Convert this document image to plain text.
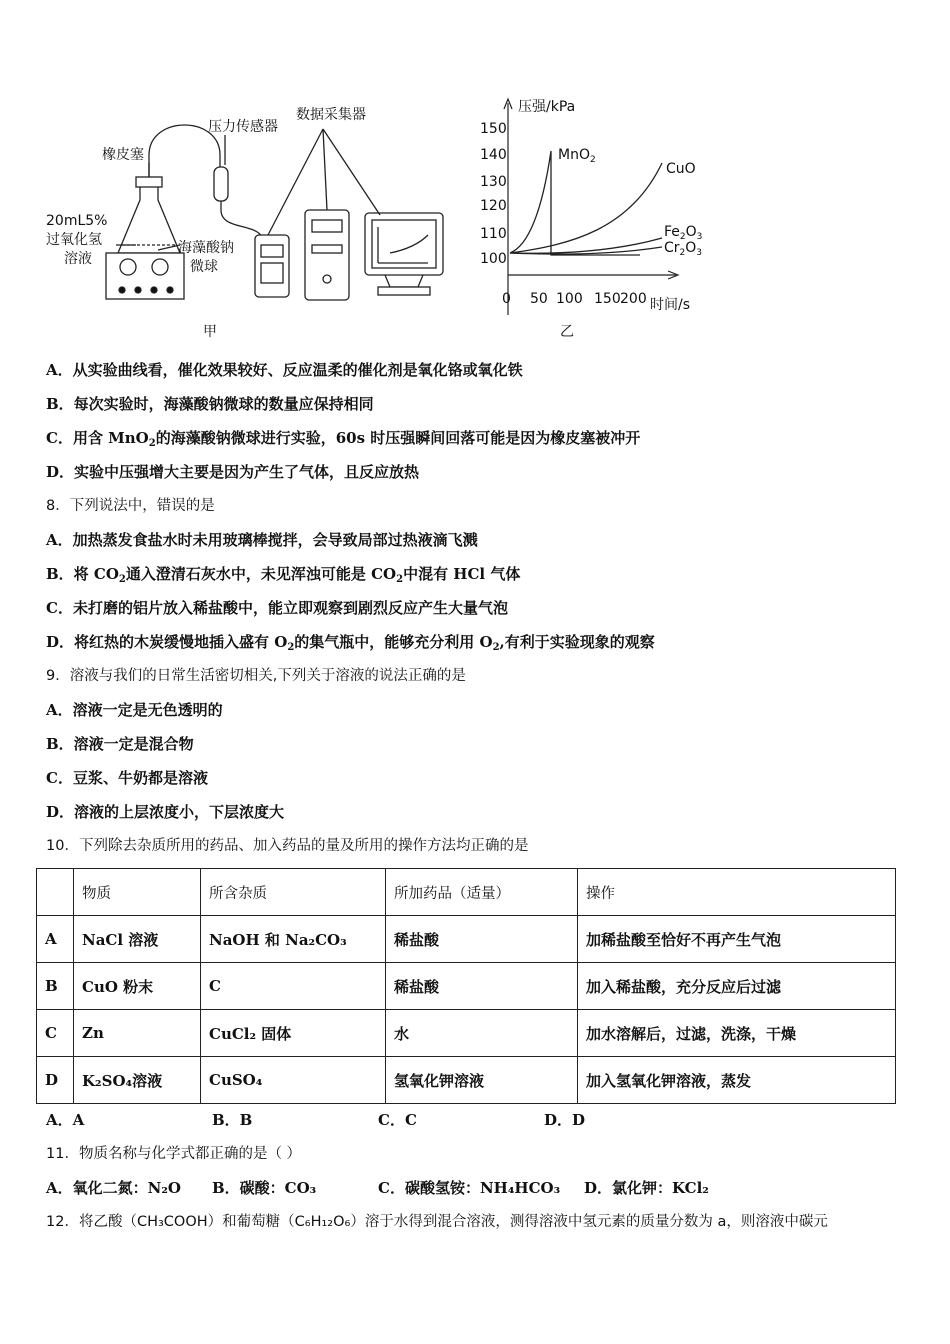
橡皮塞
压力传感器
数据采集器
20mL5%
过氧化氢
溶液
海藻酸钠
微球
甲
压强/kPa
时间/s
150
140
130
120
110
100
0 50 100 150 200
MnO$_2$
CuO
$Fe_2O_3$
$Cr_2O_3$
乙
A．从实验曲线看，催化效果较好、反应温柔的催化剂是氧化铬或氧化铁
B．每次实验时，海藻酸钠微球的数量应保持相同
C．用含 MnO$_2$的海藻酸钠微球进行实验，60s 时压强瞬间回落可能是因为橡皮塞被冲开
D．实验中压强增大主要是因为产生了气体，且反应放热
8．下列说法中，错误的是
A．加热蒸发食盐水时未用玻璃棒搅拌，会导致局部过热液滴飞溅
B．将 $CO_2$通入澄清石灰水中，未见浑浊可能是 $CO_2$中混有 HCl 气体
C．未打磨的铝片放入稀盐酸中，能立即观察到剧烈反应产生大量气泡
D．将红热的木炭缓慢地插入盛有 $O_2$的集气瓶中，能够充分利用 $O_2$,有利于实验现象的观察
9．溶液与我们的日常生活密切相关,下列关于溶液的说法正确的是
A．溶液一定是无色透明的
B．溶液一定是混合物
C．豆浆、牛奶都是溶液
D．溶液的上层浓度小，下层浓度大
10．下列除去杂质所用的药品、加入药品的量及所用的操作方法均正确的是
	物质	所含杂质	所加药品（适量）	操作
A	NaCl 溶液	NaOH 和 Na₂CO₃	稀盐酸	加稀盐酸至恰好不再产生气泡
B	CuO 粉末	C	稀盐酸	加入稀盐酸，充分反应后过滤
C	Zn	CuCl₂ 固体	水	加水溶解后，过滤，洗涤，干燥
D	K₂SO₄溶液	CuSO₄	氢氧化钾溶液	加入氢氧化钾溶液，蒸发
A．A	B．B	C．C	D．D
11．物质名称与化学式都正确的是（ ）
A．氧化二氮：N₂O B．碳酸：CO₃	C．碳酸氢铵：NH₄HCO₃ D．氯化钾：KCl₂
12．将乙酸（CH₃COOH）和葡萄糖（C₆H₁₂O₆）溶于水得到混合溶液，测得溶液中氢元素的质量分数为 a，则溶液中碳元
